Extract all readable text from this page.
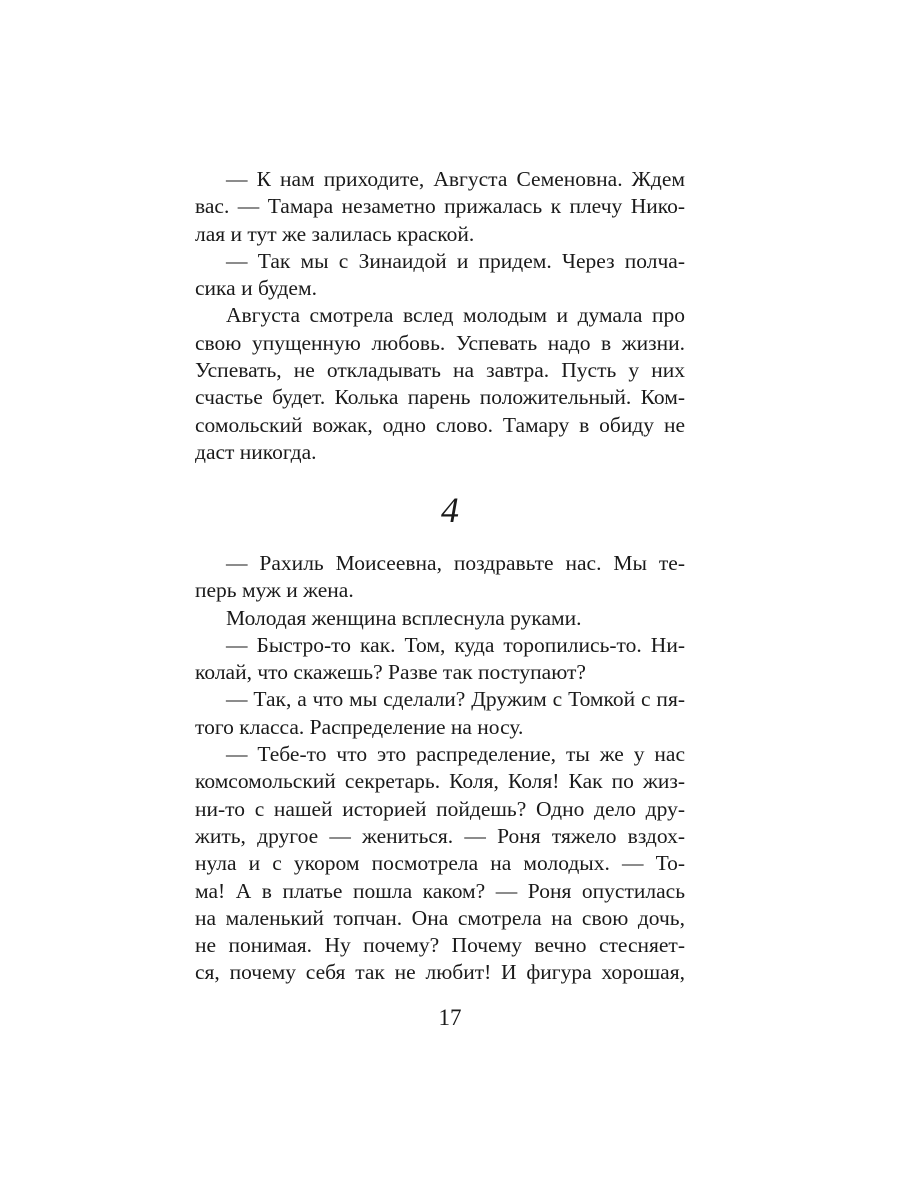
— К нам приходите, Августа Семеновна. Ждем
вас. — Тамара незаметно прижалась к плечу Нико-
лая и тут же залилась краской.
— Так мы с Зинаидой и придем. Через полча-
сика и будем.
Августа смотрела вслед молодым и думала про
свою упущенную любовь. Успевать надо в жизни.
Успевать, не откладывать на завтра. Пусть у них
счастье будет. Колька парень положительный. Ком-
сомольский вожак, одно слово. Тамару в обиду не
даст никогда.
4
— Рахиль Моисеевна, поздравьте нас. Мы те-
перь муж и жена.
Молодая женщина всплеснула руками.
— Быстро-то как. Том, куда торопились-то. Ни-
колай, что скажешь? Разве так поступают?
— Так, а что мы сделали? Дружим с Томкой с пя-
того класса. Распределение на носу.
— Тебе-то что это распределение, ты же у нас
комсомольский секретарь. Коля, Коля! Как по жиз-
ни-то с нашей историей пойдешь? Одно дело дру-
жить, другое — жениться. — Роня тяжело вздох-
нула и с укором посмотрела на молодых. — То-
ма! А в платье пошла каком? — Роня опустилась
на маленький топчан. Она смотрела на свою дочь,
не понимая. Ну почему? Почему вечно стесняет-
ся, почему себя так не любит! И фигура хорошая,
17
